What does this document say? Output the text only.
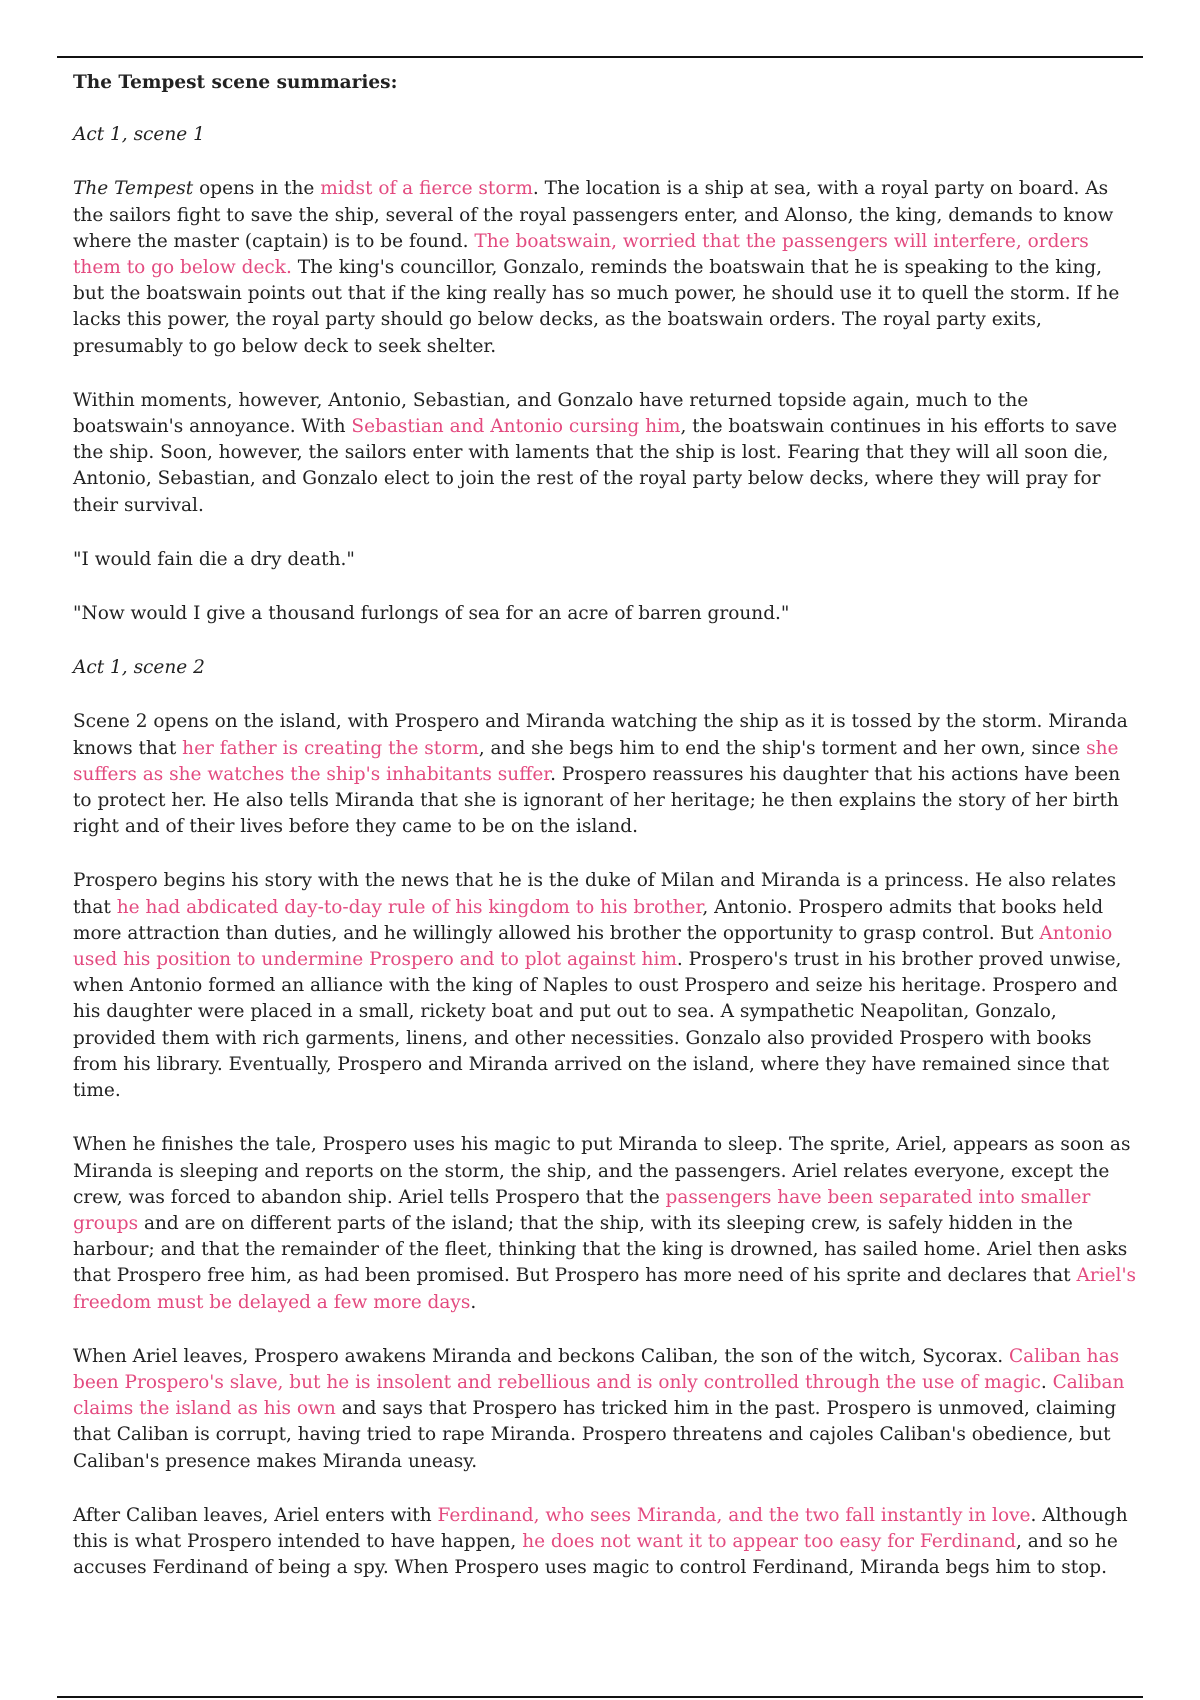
The Tempest scene summaries:
Act 1, scene 1

The Tempest opens in the midst of a fierce storm. The location is a ship at sea, with a royal party on board. As the sailors fight to save the ship, several of the royal passengers enter, and Alonso, the king, demands to know where the master (captain) is to be found. The boatswain, worried that the passengers will interfere, orders them to go below deck. The king's councillor, Gonzalo, reminds the boatswain that he is speaking to the king, but the boatswain points out that if the king really has so much power, he should use it to quell the storm. If he lacks this power, the royal party should go below decks, as the boatswain orders. The royal party exits, presumably to go below deck to seek shelter.

Within moments, however, Antonio, Sebastian, and Gonzalo have returned topside again, much to the boatswain's annoyance. With Sebastian and Antonio cursing him, the boatswain continues in his efforts to save the ship. Soon, however, the sailors enter with laments that the ship is lost. Fearing that they will all soon die, Antonio, Sebastian, and Gonzalo elect to join the rest of the royal party below decks, where they will pray for their survival.

"I would fain die a dry death."

"Now would I give a thousand furlongs of sea for an acre of barren ground."

Act 1, scene 2

Scene 2 opens on the island, with Prospero and Miranda watching the ship as it is tossed by the storm. Miranda knows that her father is creating the storm, and she begs him to end the ship's torment and her own, since she suffers as she watches the ship's inhabitants suffer. Prospero reassures his daughter that his actions have been to protect her. He also tells Miranda that she is ignorant of her heritage; he then explains the story of her birth right and of their lives before they came to be on the island.

Prospero begins his story with the news that he is the duke of Milan and Miranda is a princess. He also relates that he had abdicated day-to-day rule of his kingdom to his brother, Antonio. Prospero admits that books held more attraction than duties, and he willingly allowed his brother the opportunity to grasp control. But Antonio used his position to undermine Prospero and to plot against him. Prospero's trust in his brother proved unwise, when Antonio formed an alliance with the king of Naples to oust Prospero and seize his heritage. Prospero and his daughter were placed in a small, rickety boat and put out to sea. A sympathetic Neapolitan, Gonzalo, provided them with rich garments, linens, and other necessities. Gonzalo also provided Prospero with books from his library. Eventually, Prospero and Miranda arrived on the island, where they have remained since that time.

When he finishes the tale, Prospero uses his magic to put Miranda to sleep. The sprite, Ariel, appears as soon as Miranda is sleeping and reports on the storm, the ship, and the passengers. Ariel relates everyone, except the crew, was forced to abandon ship. Ariel tells Prospero that the passengers have been separated into smaller groups and are on different parts of the island; that the ship, with its sleeping crew, is safely hidden in the harbour; and that the remainder of the fleet, thinking that the king is drowned, has sailed home. Ariel then asks that Prospero free him, as had been promised. But Prospero has more need of his sprite and declares that Ariel's freedom must be delayed a few more days.

When Ariel leaves, Prospero awakens Miranda and beckons Caliban, the son of the witch, Sycorax. Caliban has been Prospero's slave, but he is insolent and rebellious and is only controlled through the use of magic. Caliban claims the island as his own and says that Prospero has tricked him in the past. Prospero is unmoved, claiming that Caliban is corrupt, having tried to rape Miranda. Prospero threatens and cajoles Caliban's obedience, but Caliban's presence makes Miranda uneasy.

After Caliban leaves, Ariel enters with Ferdinand, who sees Miranda, and the two fall instantly in love. Although this is what Prospero intended to have happen, he does not want it to appear too easy for Ferdinand, and so he accuses Ferdinand of being a spy. When Prospero uses magic to control Ferdinand, Miranda begs him to stop.
